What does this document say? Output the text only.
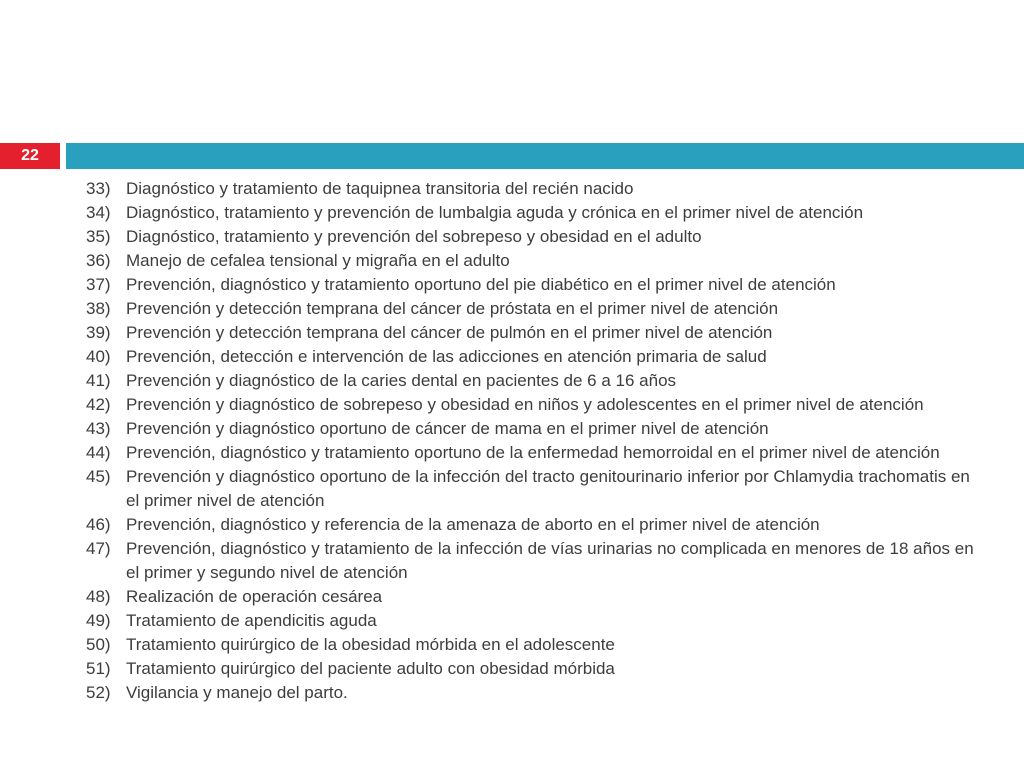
22
33) Diagnóstico y tratamiento de taquipnea transitoria del recién nacido
34) Diagnóstico, tratamiento y prevención de lumbalgia aguda y crónica en el primer nivel de atención
35) Diagnóstico, tratamiento y prevención del sobrepeso y obesidad en el adulto
36) Manejo de cefalea tensional y migraña en el adulto
37) Prevención, diagnóstico y tratamiento oportuno del pie diabético en el primer nivel de atención
38) Prevención y detección temprana del cáncer de próstata en el primer nivel de atención
39) Prevención y detección temprana del cáncer de pulmón en el primer nivel de atención
40) Prevención, detección e intervención de las adicciones en atención primaria de salud
41) Prevención y diagnóstico de la caries dental en pacientes de 6 a 16 años
42) Prevención y diagnóstico de sobrepeso y obesidad en niños y adolescentes en el primer nivel de atención
43) Prevención y diagnóstico oportuno de cáncer de mama en el primer nivel de atención
44) Prevención, diagnóstico y tratamiento oportuno de la enfermedad hemorroidal en el primer nivel de atención
45) Prevención y diagnóstico oportuno de la infección del tracto genitourinario inferior por Chlamydia trachomatis en el primer nivel de atención
46) Prevención, diagnóstico y referencia de la amenaza de aborto en el primer nivel de atención
47) Prevención, diagnóstico y tratamiento de la infección de vías urinarias no complicada en menores de 18 años en el primer y segundo nivel de atención
48) Realización de operación cesárea
49) Tratamiento de apendicitis aguda
50) Tratamiento quirúrgico de la obesidad mórbida en el adolescente
51) Tratamiento quirúrgico del paciente adulto con obesidad mórbida
52) Vigilancia y manejo del parto.
